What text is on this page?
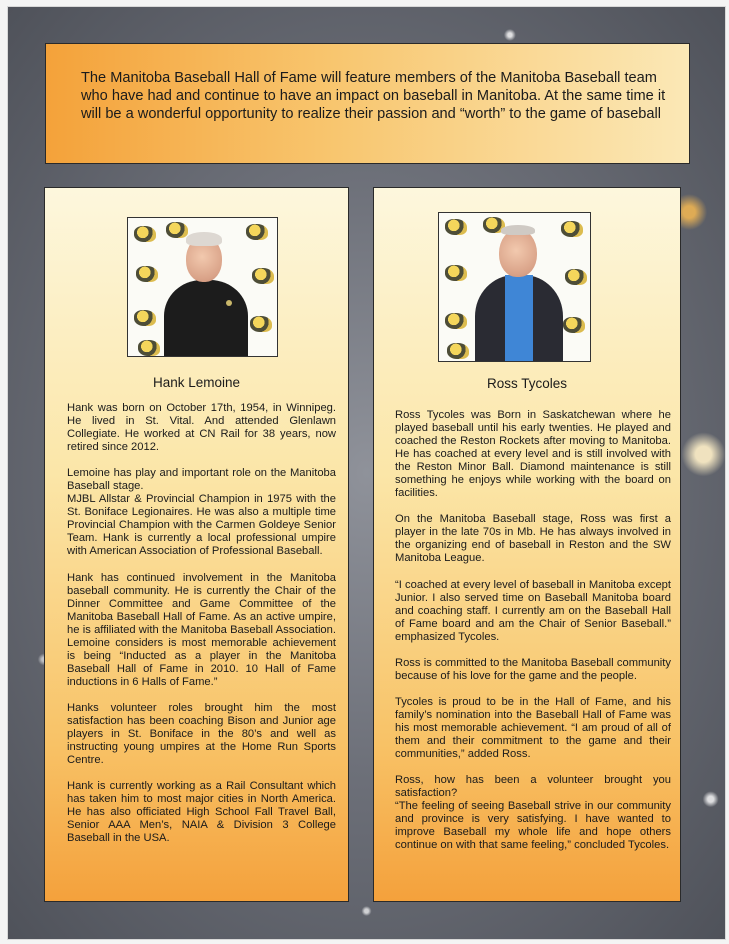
The Manitoba Baseball Hall of Fame will feature members of the Manitoba Baseball team who have had and continue to have an impact on baseball in Manitoba. At the same time it will be a wonderful opportunity to realize their passion and “worth” to the game of baseball

Hank Lemoine

Hank was born on October 17th, 1954, in Winnipeg. He lived in St. Vital. And attended Glenlawn Collegiate. He worked at CN Rail for 38 years, now retired since 2012.

Lemoine has play and important role on the Manitoba Baseball stage.
MJBL Allstar & Provincial Champion in 1975 with the St. Boniface Legionaires. He was also a multiple time Provincial Champion with the Carmen Goldeye Senior Team. Hank is currently a local professional umpire with American Association of Professional Baseball.

Hank has continued involvement in the Manitoba baseball community. He is currently the Chair of the Dinner Committee and Game Committee of the Manitoba Baseball Hall of Fame. As an active umpire, he is affiliated with the Manitoba Baseball Association. Lemoine considers is most memorable achievement is being “Inducted as a player in the Manitoba Baseball Hall of Fame in 2010. 10 Hall of Fame inductions in 6 Halls of Fame.”

Hanks volunteer roles brought him the most satisfaction has been coaching Bison and Junior age players in St. Boniface in the 80’s and well as instructing young umpires at the Home Run Sports Centre.

Hank is currently working as a Rail Consultant which has taken him to most major cities in North America. He has also officiated High School Fall Travel Ball, Senior AAA Men’s, NAIA & Division 3 College Baseball in the USA.

Ross Tycoles

Ross Tycoles was Born in Saskatchewan where he played baseball until his early twenties. He played and coached the Reston Rockets after moving to Manitoba. He has coached at every level and is still involved with the Reston Minor Ball. Diamond maintenance is still something he enjoys while working with the board on facilities.

On the Manitoba Baseball stage, Ross was first a player in the late 70s in Mb. He has always involved in the organizing end of baseball in Reston and the SW Manitoba League.

“I coached at every level of baseball in Manitoba except Junior. I also served time on Baseball Manitoba board and coaching staff. I currently am on the Baseball Hall of Fame board and am the Chair of Senior Baseball.” emphasized Tycoles.

Ross is committed to the Manitoba Baseball community because of his love for the game and the people.

Tycoles is proud to be in the Hall of Fame, and his family’s nomination into the Baseball Hall of Fame was his most memorable achievement. “I am proud of all of them and their commitment to the game and their communities,” added Ross.

Ross, how has been a volunteer brought you satisfaction?
“The feeling of seeing Baseball strive in our community and province is very satisfying. I have wanted to improve Baseball my whole life and hope others continue on with that same feeling,” concluded Tycoles.
